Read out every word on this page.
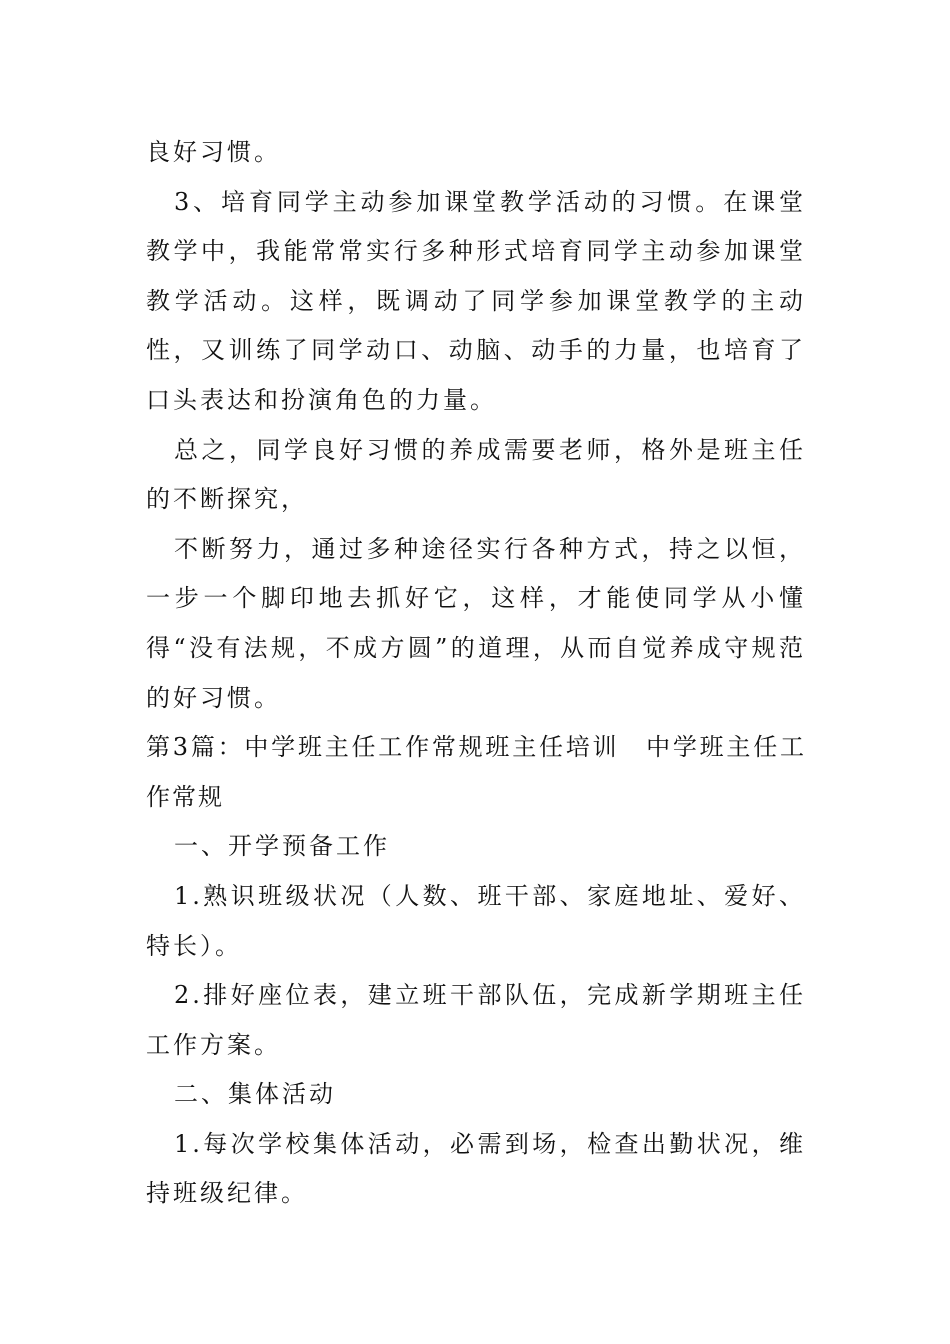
良好习惯。

3、培育同学主动参加课堂教学活动的习惯。在课堂教学中，我能常常实行多种形式培育同学主动参加课堂教学活动。这样，既调动了同学参加课堂教学的主动性，又训练了同学动口、动脑、动手的力量，也培育了口头表达和扮演角色的力量。

总之，同学良好习惯的养成需要老师，格外是班主任的不断探究，

不断努力，通过多种途径实行各种方式，持之以恒，一步一个脚印地去抓好它，这样，才能使同学从小懂得“没有法规，不成方圆”的道理，从而自觉养成守规范的好习惯。

第3篇：中学班主任工作常规班主任培训　中学班主任工作常规

一、开学预备工作

1.熟识班级状况（人数、班干部、家庭地址、爱好、特长）。

2.排好座位表，建立班干部队伍，完成新学期班主任工作方案。

二、集体活动

1.每次学校集体活动，必需到场，检查出勤状况，维持班级纪律。
